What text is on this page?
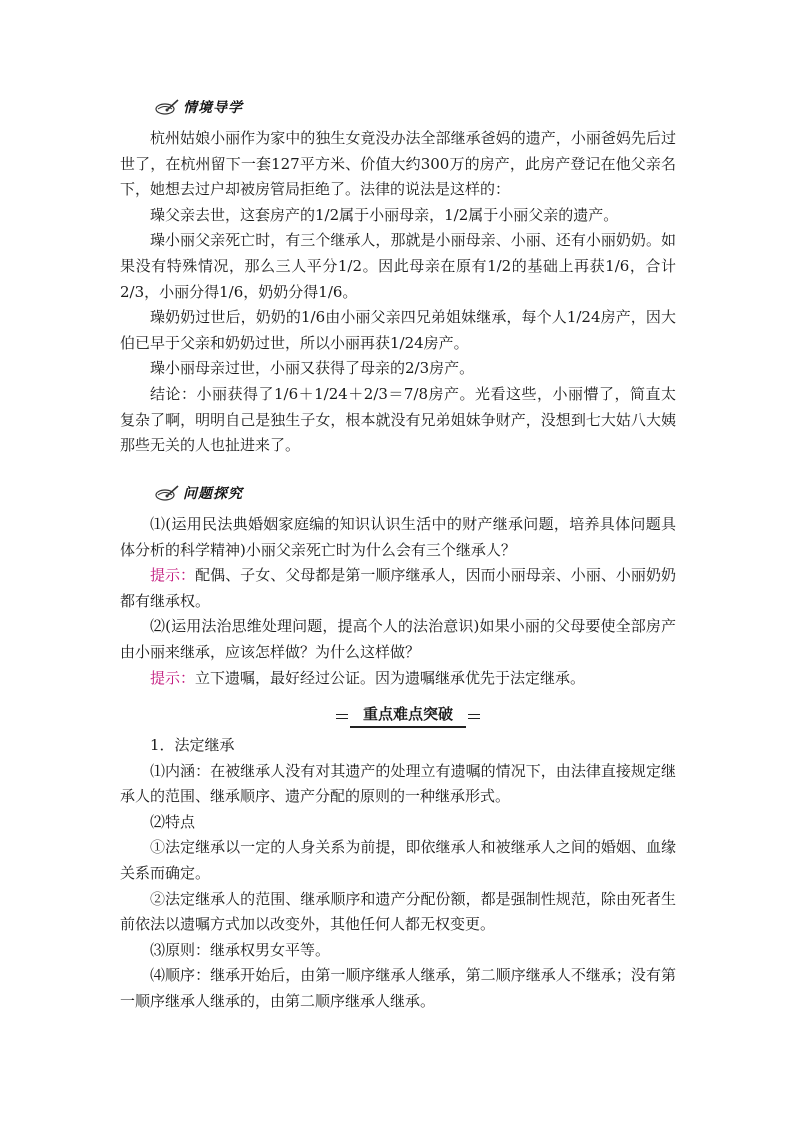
情境导学

杭州姑娘小丽作为家中的独生女竟没办法全部继承爸妈的遗产，小丽爸妈先后过世了，在杭州留下一套127平方米、价值大约300万的房产，此房产登记在他父亲名下，她想去过户却被房管局拒绝了。法律的说法是这样的：

璪父亲去世，这套房产的1/2属于小丽母亲，1/2属于小丽父亲的遗产。

璪小丽父亲死亡时，有三个继承人，那就是小丽母亲、小丽、还有小丽奶奶。如果没有特殊情况，那么三人平分1/2。因此母亲在原有1/2的基础上再获1/6，合计2/3，小丽分得1/6，奶奶分得1/6。

璪奶奶过世后，奶奶的1/6由小丽父亲四兄弟姐妹继承，每个人1/24房产，因大伯已早于父亲和奶奶过世，所以小丽再获1/24房产。

璪小丽母亲过世，小丽又获得了母亲的2/3房产。

结论：小丽获得了1/6＋1/24＋2/3＝7/8房产。光看这些，小丽懵了，简直太复杂了啊，明明自己是独生子女，根本就没有兄弟姐妹争财产，没想到七大姑八大姨那些无关的人也扯进来了。

问题探究

⑴(运用民法典婚姻家庭编的知识认识生活中的财产继承问题，培养具体问题具体分析的科学精神)小丽父亲死亡时为什么会有三个继承人？

提示：配偶、子女、父母都是第一顺序继承人，因而小丽母亲、小丽、小丽奶奶都有继承权。

⑵(运用法治思维处理问题，提高个人的法治意识)如果小丽的父母要使全部房产由小丽来继承，应该怎样做？为什么这样做？

提示：立下遗嘱，最好经过公证。因为遗嘱继承优先于法定继承。

重点难点突破

1．法定继承

⑴内涵：在被继承人没有对其遗产的处理立有遗嘱的情况下，由法律直接规定继承人的范围、继承顺序、遗产分配的原则的一种继承形式。

⑵特点

①法定继承以一定的人身关系为前提，即依继承人和被继承人之间的婚姻、血缘关系而确定。

②法定继承人的范围、继承顺序和遗产分配份额，都是强制性规范，除由死者生前依法以遗嘱方式加以改变外，其他任何人都无权变更。

⑶原则：继承权男女平等。

⑷顺序：继承开始后，由第一顺序继承人继承，第二顺序继承人不继承；没有第一顺序继承人继承的，由第二顺序继承人继承。
